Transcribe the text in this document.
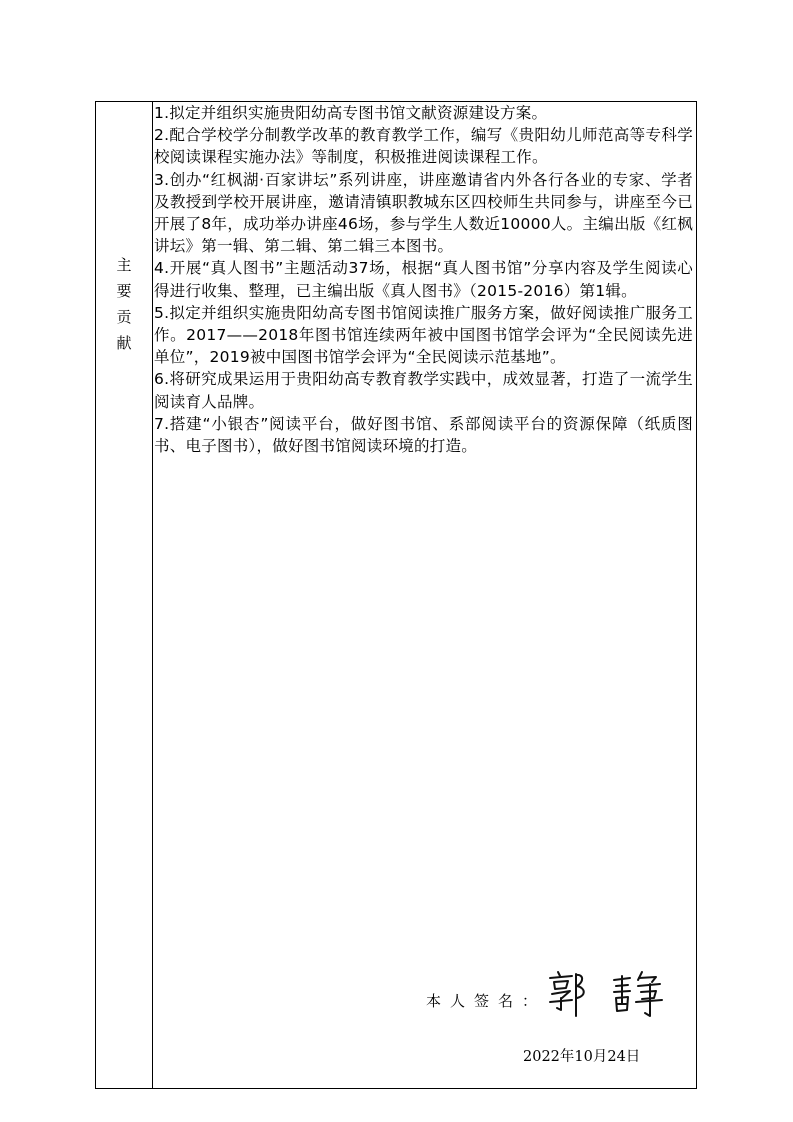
主
要
贡
献

1.拟定并组织实施贵阳幼高专图书馆文献资源建设方案。

2.配合学校学分制教学改革的教育教学工作，编写《贵阳幼儿师范高等专科学校阅读课程实施办法》等制度，积极推进阅读课程工作。

3.创办“红枫湖·百家讲坛”系列讲座，讲座邀请省内外各行各业的专家、学者及教授到学校开展讲座，邀请清镇职教城东区四校师生共同参与，讲座至今已开展了8年，成功举办讲座46场，参与学生人数近10000人。主编出版《红枫讲坛》第一辑、第二辑、第二辑三本图书。

4.开展“真人图书”主题活动37场，根据“真人图书馆”分享内容及学生阅读心得进行收集、整理，已主编出版《真人图书》（2015-2016）第1辑。

5.拟定并组织实施贵阳幼高专图书馆阅读推广服务方案，做好阅读推广服务工作。2017——2018年图书馆连续两年被中国图书馆学会评为“全民阅读先进单位”，2019被中国图书馆学会评为“全民阅读示范基地”。

6.将研究成果运用于贵阳幼高专教育教学实践中，成效显著，打造了一流学生阅读育人品牌。

7.搭建“小银杏”阅读平台，做好图书馆、系部阅读平台的资源保障（纸质图书、电子图书），做好图书馆阅读环境的打造。

本人签名：
2022年10月24日
